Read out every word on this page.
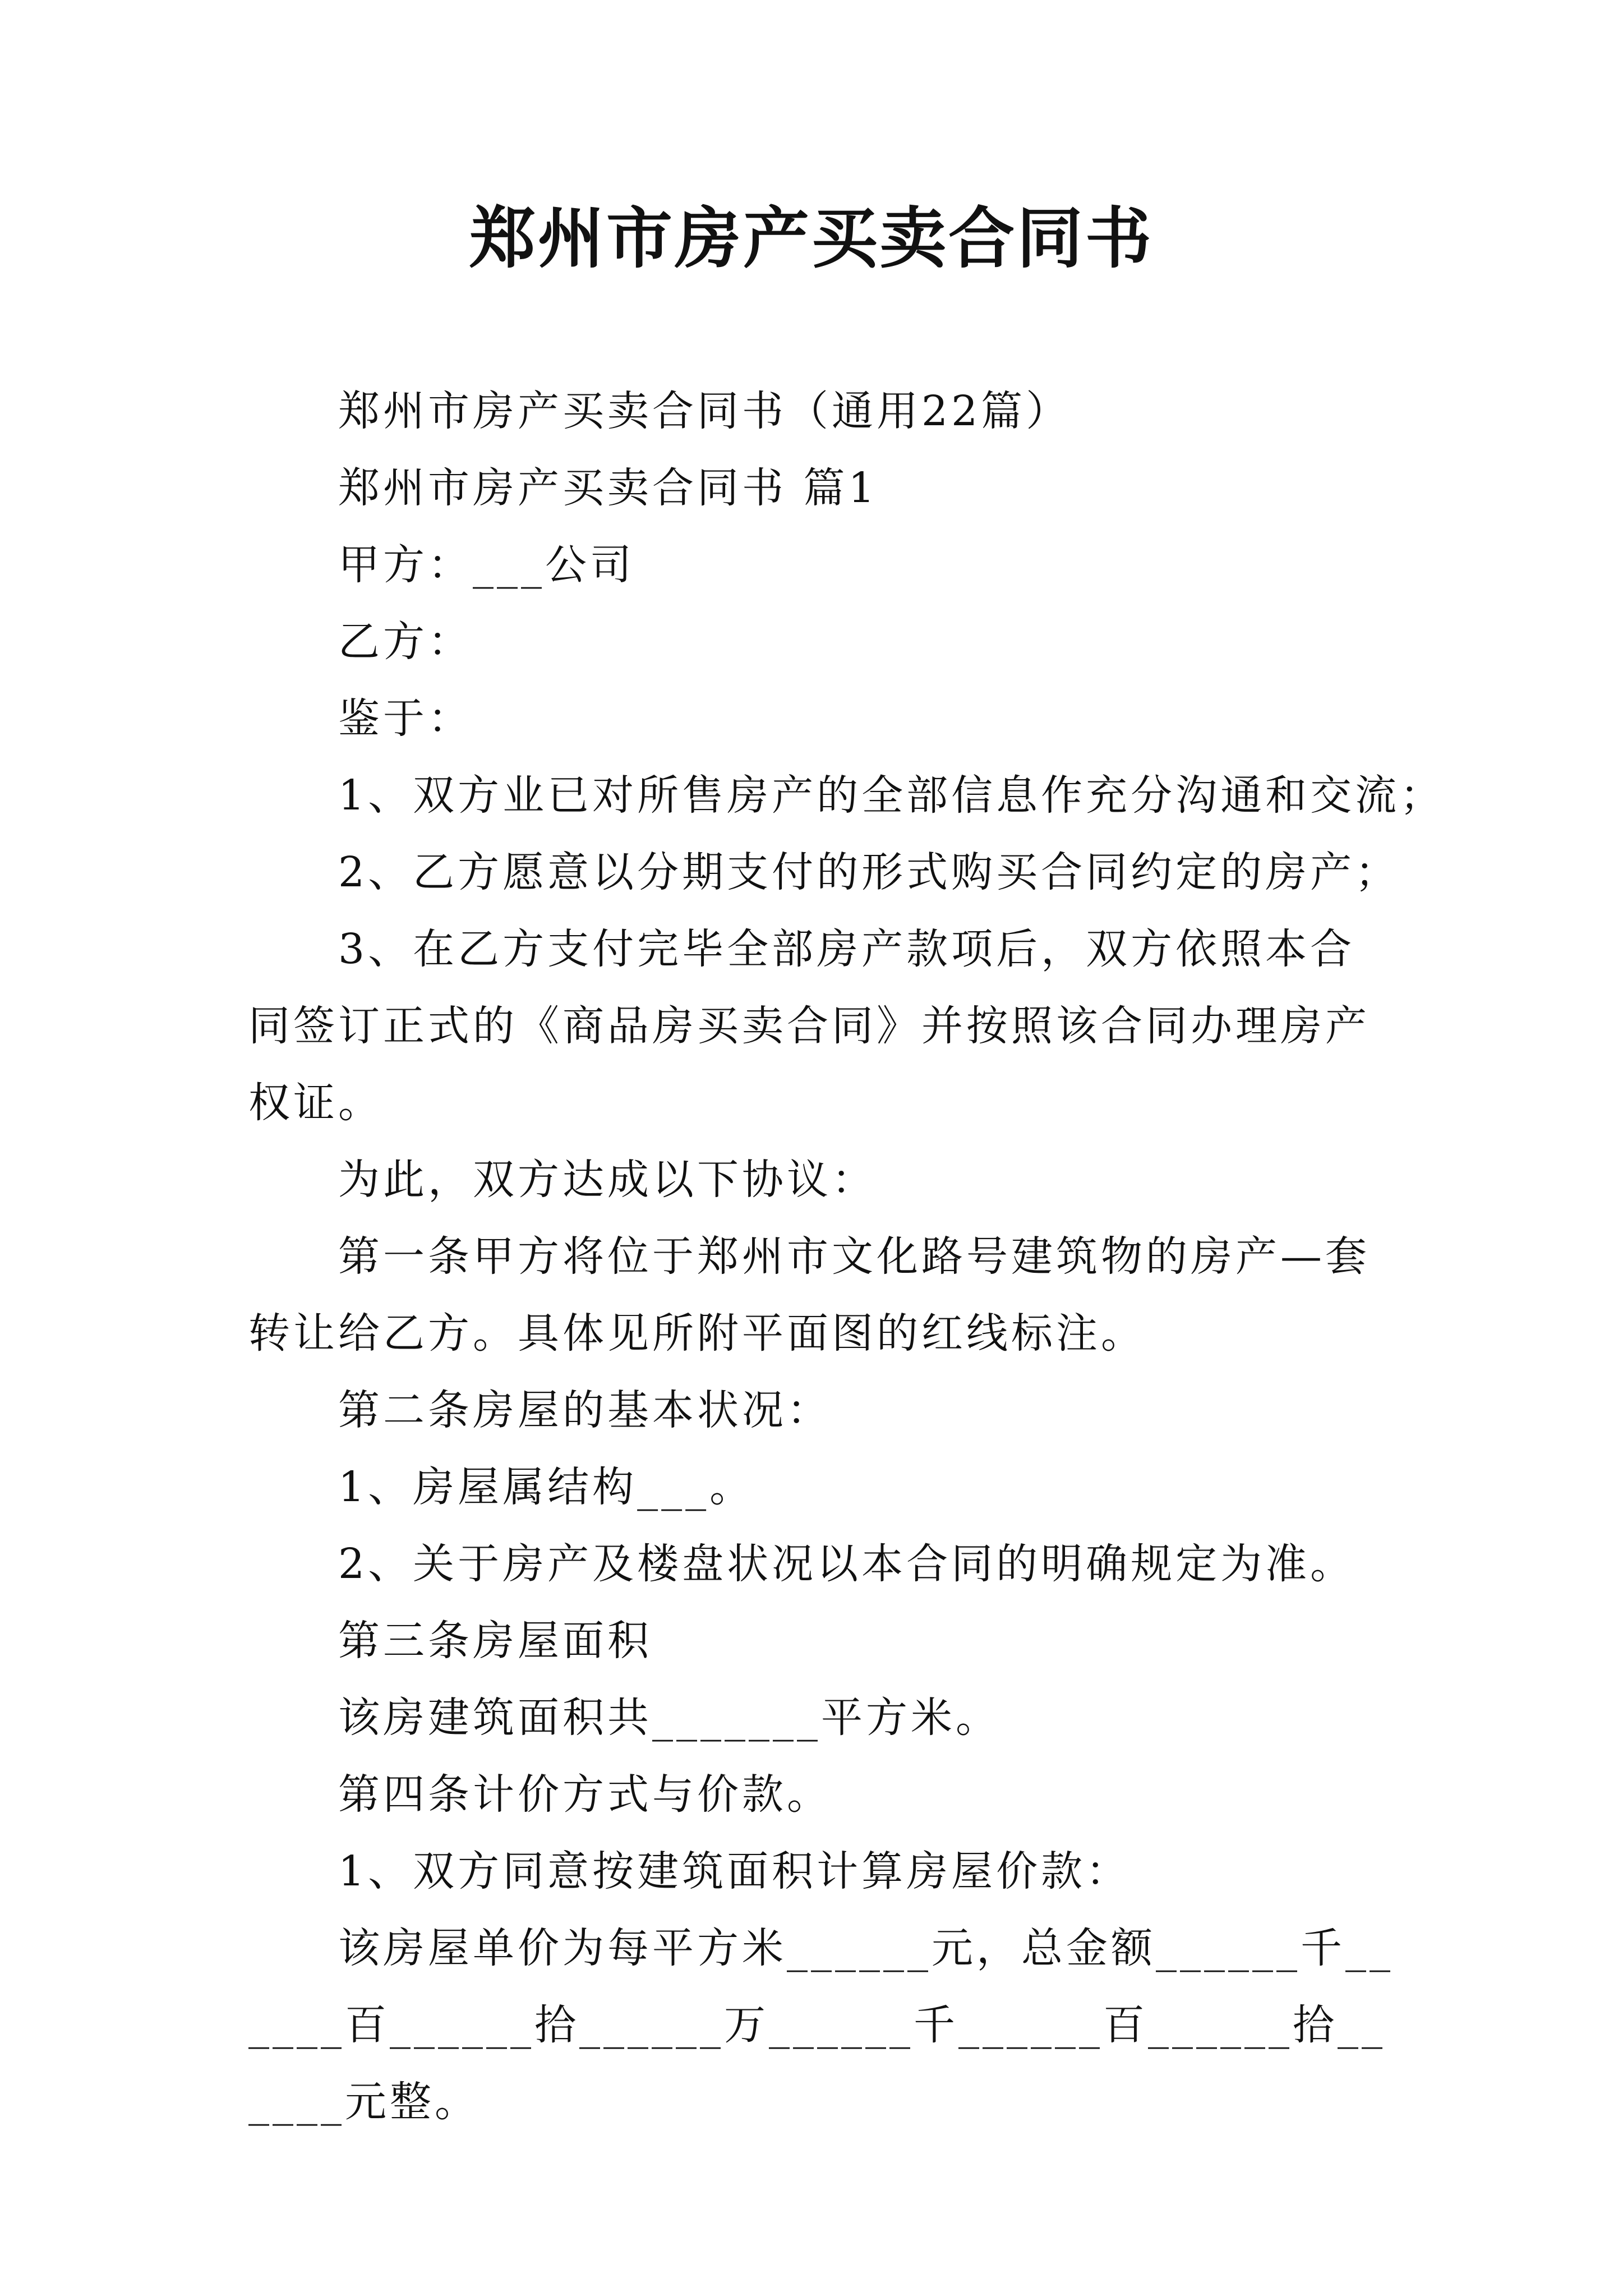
郑州市房产买卖合同书

郑州市房产买卖合同书（通用22篇）

郑州市房产买卖合同书 篇1

甲方：___公司

乙方：

鉴于：

1、双方业已对所售房产的全部信息作充分沟通和交流；

2、乙方愿意以分期支付的形式购买合同约定的房产；

3、在乙方支付完毕全部房产款项后，双方依照本合同签订正式的《商品房买卖合同》并按照该合同办理房产权证。

为此，双方达成以下协议：

第一条甲方将位于郑州市文化路号建筑物的房产—套转让给乙方。具体见所附平面图的红线标注。

第二条房屋的基本状况：

1、房屋属结构___。

2、关于房产及楼盘状况以本合同的明确规定为准。

第三条房屋面积

该房建筑面积共_______平方米。

第四条计价方式与价款。

1、双方同意按建筑面积计算房屋价款：

该房屋单价为每平方米______元，总金额______千______百______拾______万______千______百______拾______元整。
